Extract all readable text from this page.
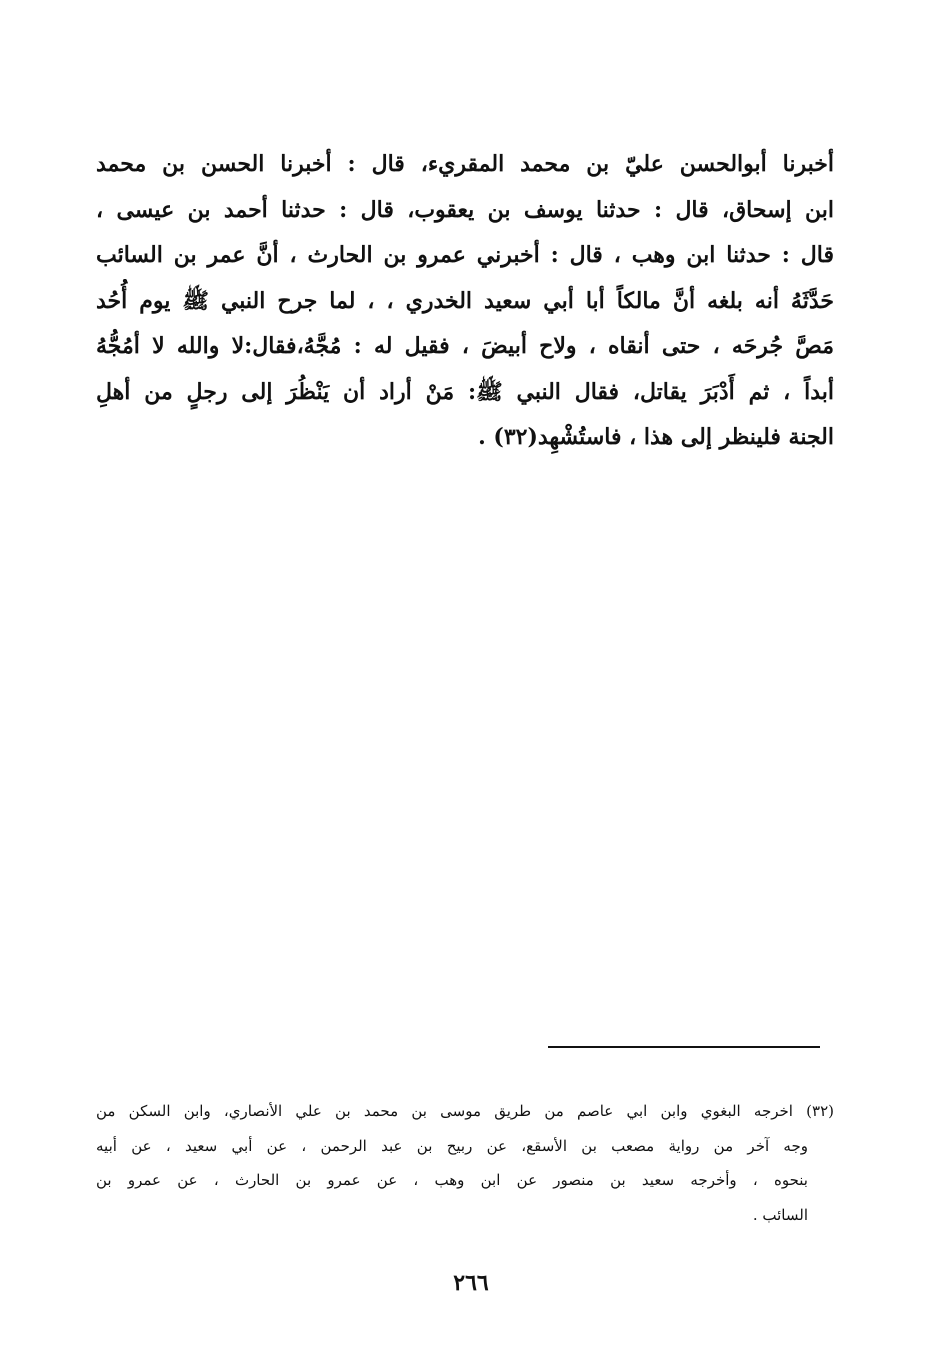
أخبرنا أبوالحسن عليّ بن محمد المقريء، قال : أخبرنا الحسن بن محمد
ابن إسحاق، قال : حدثنا يوسف بن يعقوب، قال : حدثنا أحمد بن عيسى ،
قال : حدثنا ابن وهب ، قال : أخبرني عمرو بن الحارث ، أنَّ عمر بن السائب
حَدَّثَهُ أنه بلغه أنَّ مالكاً أبا أبي سعيد الخدري ، ، لما جرح النبي ﷺ يوم أُحُد
مَصَّ جُرحَه ، حتى أنقاه ، ولاح أبيضَ ، فقيل له : مُجَّهُ،فقال:لا والله لا أمُجُّهُ
أبداً ، ثم أَدْبَرَ يقاتل، فقال النبي ﷺ: مَنْ أراد أن يَنْظُرَ إلى رجلٍ من أهلِ
الجنة فلينظر إلى هذا ، فاستُشْهِد(٣٢) .
(٣٢) اخرجه البغوي وابن ابي عاصم من طريق موسى بن محمد بن علي الأنصاري، وابن السكن من
وجه آخر من رواية مصعب بن الأسقع، عن ربيح بن عبد الرحمن ، عن أبي سعيد ، عن أبيه
بنحوه ، وأخرجه سعيد بن منصور عن ابن وهب ، عن عمرو بن الحارث ، عن عمرو بن
السائب .
٢٦٦
